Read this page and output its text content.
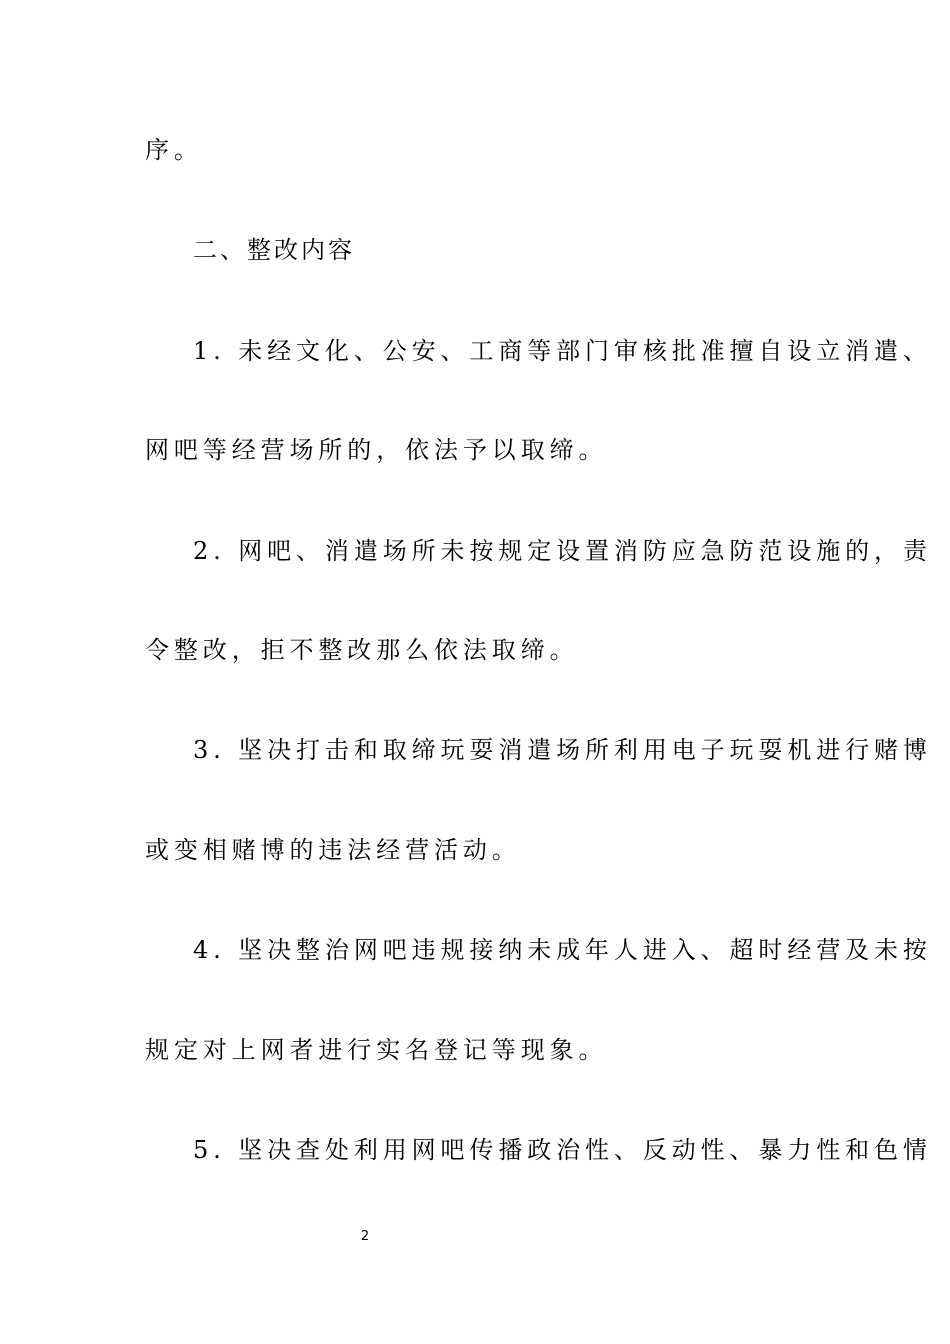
序。
二、整改内容
1. 未经文化、公安、工商等部门审核批准擅自设立消遣、
网吧等经营场所的，依法予以取缔。
2. 网吧、消遣场所未按规定设置消防应急防范设施的，责
令整改，拒不整改那么依法取缔。
3. 坚决打击和取缔玩耍消遣场所利用电子玩耍机进行赌博
或变相赌博的违法经营活动。
4. 坚决整治网吧违规接纳未成年人进入、超时经营及未按
规定对上网者进行实名登记等现象。
5. 坚决查处利用网吧传播政治性、反动性、暴力性和色情
2
